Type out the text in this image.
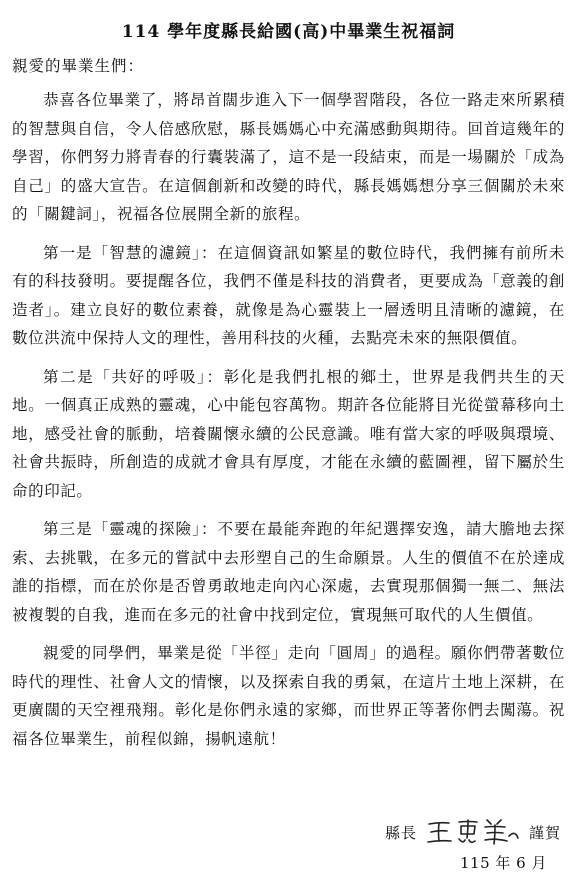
114 學年度縣長給國(高)中畢業生祝福詞
親愛的畢業生們：

恭喜各位畢業了，將昂首闊步進入下一個學習階段，各位一路走來所累積的智慧與自信，令人倍感欣慰，縣長媽媽心中充滿感動與期待。回首這幾年的學習，你們努力將青春的行囊裝滿了，這不是一段結束，而是一場關於「成為自己」的盛大宣告。在這個創新和改變的時代，縣長媽媽想分享三個關於未來的「關鍵詞」，祝福各位展開全新的旅程。

第一是「智慧的濾鏡」：在這個資訊如繁星的數位時代，我們擁有前所未有的科技發明。要提醒各位，我們不僅是科技的消費者，更要成為「意義的創造者」。建立良好的數位素養，就像是為心靈裝上一層透明且清晰的濾鏡，在數位洪流中保持人文的理性，善用科技的火種，去點亮未來的無限價值。

第二是「共好的呼吸」：彰化是我們扎根的鄉土，世界是我們共生的天地。一個真正成熟的靈魂，心中能包容萬物。期許各位能將目光從螢幕移向土地，感受社會的脈動，培養關懷永續的公民意識。唯有當大家的呼吸與環境、社會共振時，所創造的成就才會具有厚度，才能在永續的藍圖裡，留下屬於生命的印記。

第三是「靈魂的探險」：不要在最能奔跑的年紀選擇安逸，請大膽地去探索、去挑戰，在多元的嘗試中去形塑自己的生命願景。人生的價值不在於達成誰的指標，而在於你是否曾勇敢地走向內心深處，去實現那個獨一無二、無法被複製的自我，進而在多元的社會中找到定位，實現無可取代的人生價值。

親愛的同學們，畢業是從「半徑」走向「圓周」的過程。願你們帶著數位時代的理性、社會人文的情懷，以及探索自我的勇氣，在這片土地上深耕，在更廣闊的天空裡飛翔。彰化是你們永遠的家鄉，而世界正等著你們去闖蕩。祝福各位畢業生，前程似錦，揚帆遠航！

縣長	謹賀
115 年 6 月
